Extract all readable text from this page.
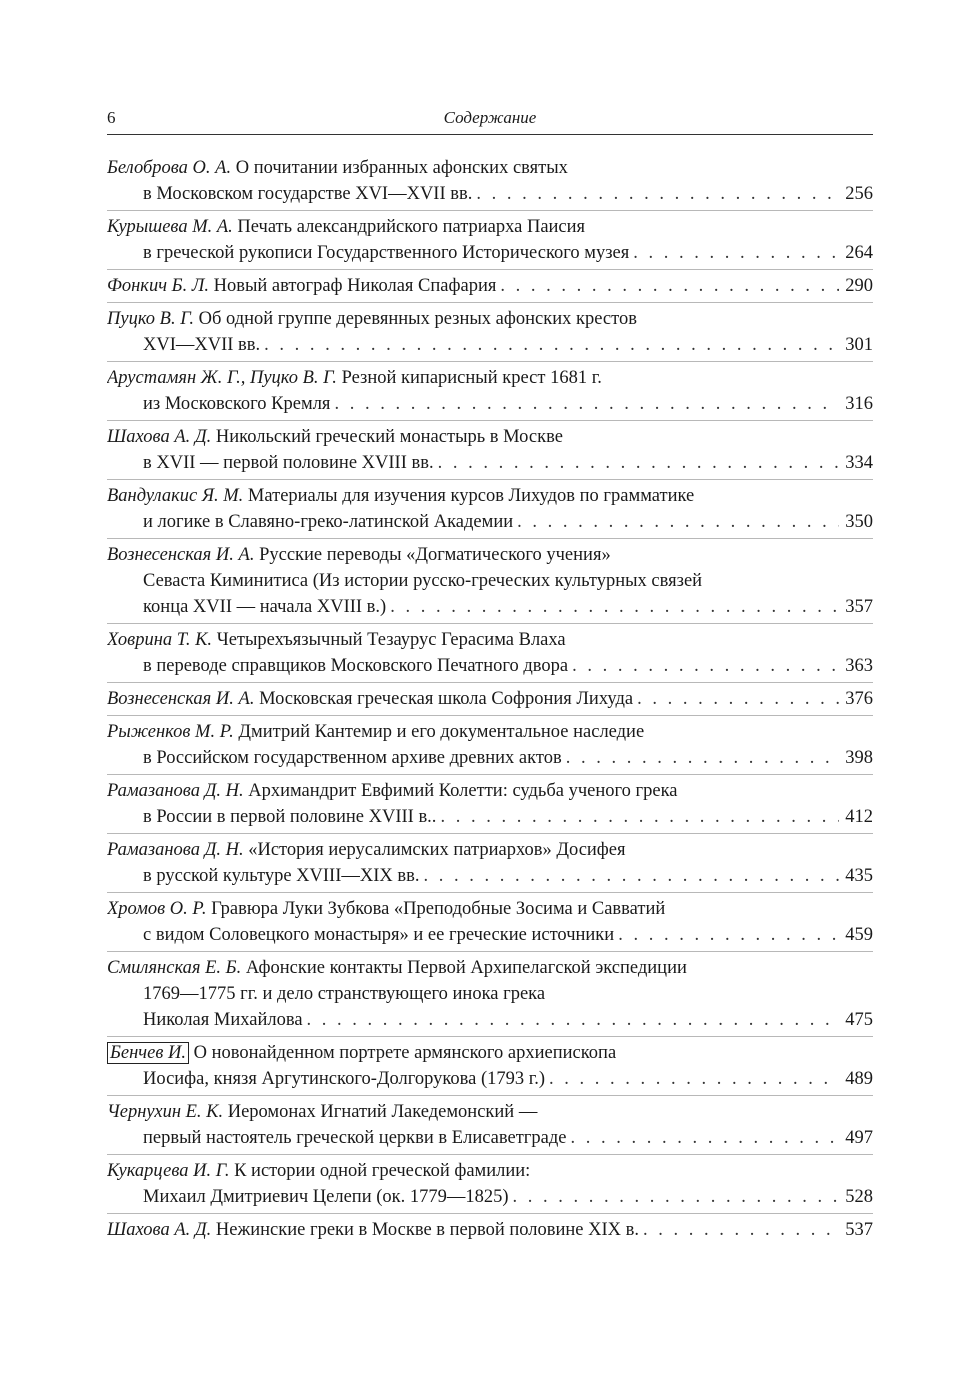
6	Содержание
Белоброва О. А. О почитании избранных афонских святых
в Московском государстве XVI—XVII вв. . . .	256
Курышева М. А. Печать александрийского патриарха Паисия
в греческой рукописи Государственного Исторического музея . . .	264
Фонкич Б. Л. Новый автограф Николая Спафария . . .	290
Пуцко В. Г. Об одной группе деревянных резных афонских крестов
XVI—XVII вв. . . .	301
Арустамян Ж. Г., Пуцко В. Г. Резной кипарисный крест 1681 г.
из Московского Кремля . . .	316
Шахова А. Д. Никольский греческий монастырь в Москве
в XVII — первой половине XVIII вв. . . .	334
Вандулакис Я. М. Материалы для изучения курсов Лихудов по грамматике
и логике в Славяно-греко-латинской Академии . . .	350
Вознесенская И. А. Русские переводы «Догматического учения»
Севаста Киминитиса (Из истории русско-греческих культурных связей
конца XVII — начала XVIII в.) . . .	357
Ховрина Т. К. Четырехъязычный Тезаурус Герасима Влаха
в переводе справщиков Московского Печатного двора . . .	363
Вознесенская И. А. Московская греческая школа Софрония Лихуда . . .	376
Рыженков М. Р. Дмитрий Кантемир и его документальное наследие
в Российском государственном архиве древних актов . . .	398
Рамазанова Д. Н. Архимандрит Евфимий Колетти: судьба ученого грека
в России в первой половине XVIII в.. . . .	412
Рамазанова Д. Н. «История иерусалимских патриархов» Досифея
в русской культуре XVIII—XIX вв. . . .	435
Хромов О. Р. Гравюра Луки Зубкова «Преподобные Зосима и Савватий
с видом Соловецкого монастыря» и ее греческие источники . . .	459
Смилянская Е. Б. Афонские контакты Первой Архипелагской экспедиции
1769—1775 гг. и дело странствующего инока грека
Николая Михайлова . . .	475
Бенчев И. О новонайденном портрете армянского архиепископа
Иосифа, князя Аргутинского-Долгорукова (1793 г.) . . .	489
Чернухин Е. К. Иеромонах Игнатий Лакедемонский —
первый настоятель греческой церкви в Елисаветграде . . .	497
Кукарцева И. Г. К истории одной греческой фамилии:
Михаил Дмитриевич Целепи (ок. 1779—1825) . . .	528
Шахова А. Д. Нежинские греки в Москве в первой половине XIX в. . . .	537
